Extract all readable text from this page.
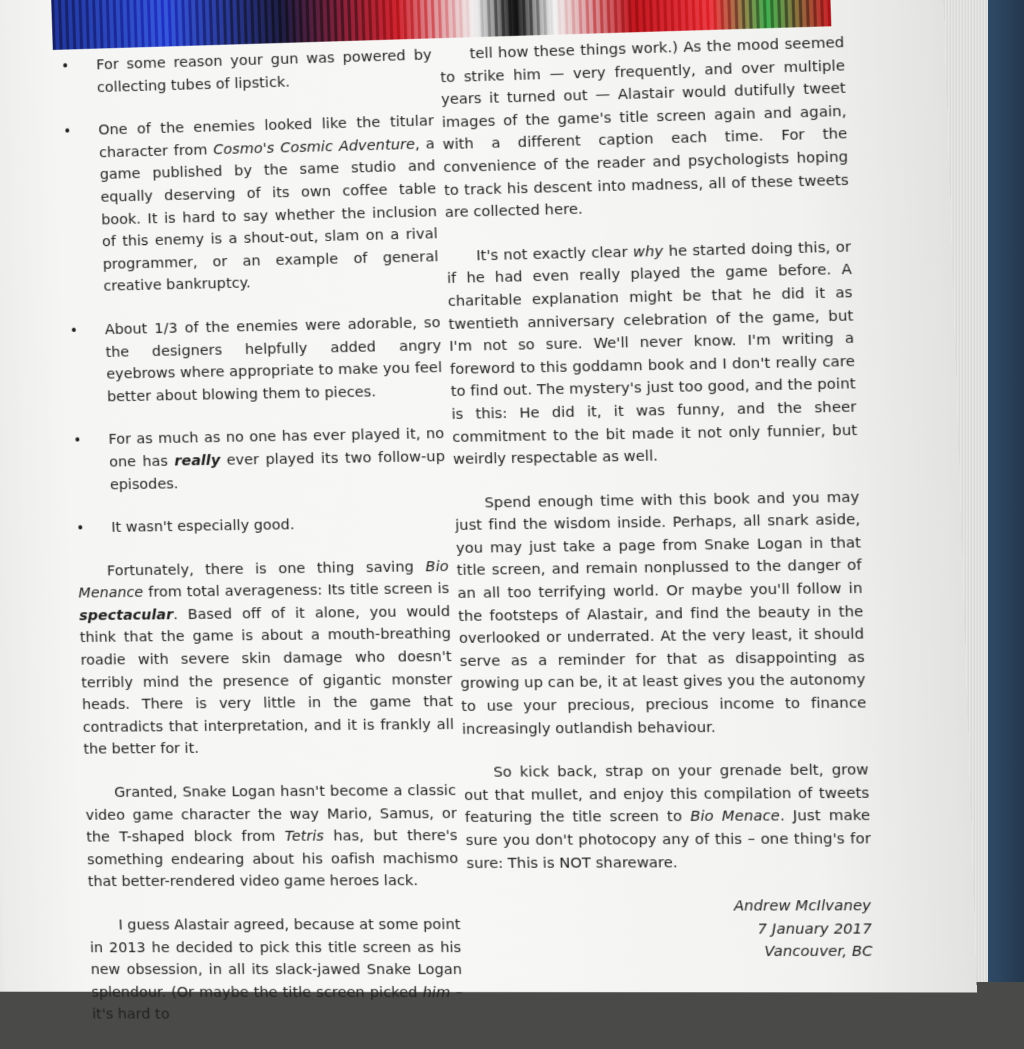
• For some reason your gun was powered by collecting tubes of lipstick.
• One of the enemies looked like the titular character from Cosmo's Cosmic Adventure, a game published by the same studio and equally deserving of its own coffee table book. It is hard to say whether the inclusion of this enemy is a shout-out, slam on a rival programmer, or an example of general creative bankruptcy.
• About 1/3 of the enemies were adorable, so the designers helpfully added angry eyebrows where appropriate to make you feel better about blowing them to pieces.
• For as much as no one has ever played it, no one has really ever played its two follow-up episodes.
• It wasn't especially good.

Fortunately, there is one thing saving Bio Menance from total averageness: Its title screen is spectacular. Based off of it alone, you would think that the game is about a mouth-breathing roadie with severe skin damage who doesn't terribly mind the presence of gigantic monster heads. There is very little in the game that contradicts that interpretation, and it is frankly all the better for it.

Granted, Snake Logan hasn't become a classic video game character the way Mario, Samus, or the T-shaped block from Tetris has, but there's something endearing about his oafish machismo that better-rendered video game heroes lack.

I guess Alastair agreed, because at some point in 2013 he decided to pick this title screen as his new obsession, in all its slack-jawed Snake Logan splendour. (Or maybe the title screen picked him – it's hard to

tell how these things work.) As the mood seemed to strike him — very frequently, and over multiple years it turned out — Alastair would dutifully tweet images of the game's title screen again and again, with a different caption each time. For the convenience of the reader and psychologists hoping to track his descent into madness, all of these tweets are collected here.

It's not exactly clear why he started doing this, or if he had even really played the game before. A charitable explanation might be that he did it as twentieth anniversary celebration of the game, but I'm not so sure. We'll never know. I'm writing a foreword to this goddamn book and I don't really care to find out. The mystery's just too good, and the point is this: He did it, it was funny, and the sheer commitment to the bit made it not only funnier, but weirdly respectable as well.

Spend enough time with this book and you may just find the wisdom inside. Perhaps, all snark aside, you may just take a page from Snake Logan in that title screen, and remain nonplussed to the danger of an all too terrifying world. Or maybe you'll follow in the footsteps of Alastair, and find the beauty in the overlooked or underrated. At the very least, it should serve as a reminder for that as disappointing as growing up can be, it at least gives you the autonomy to use your precious, precious income to finance increasingly outlandish behaviour.

So kick back, strap on your grenade belt, grow out that mullet, and enjoy this compilation of tweets featuring the title screen to Bio Menace. Just make sure you don't photocopy any of this – one thing's for sure: This is NOT shareware.

Andrew McIlvaney
7 January 2017
Vancouver, BC
